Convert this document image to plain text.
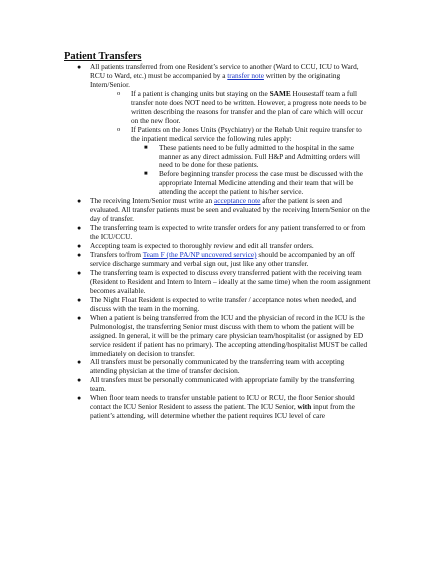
Patient Transfers
● All patients transferred from one Resident’s service to another (Ward to CCU, ICU to Ward, RCU to Ward, etc.) must be accompanied by a transfer note written by the originating Intern/Senior.
o If a patient is changing units but staying on the SAME Housestaff team a full transfer note does NOT need to be written. However, a progress note needs to be written describing the reasons for transfer and the plan of care which will occur on the new floor.
o If Patients on the Jones Units (Psychiatry) or the Rehab Unit require transfer to the inpatient medical service the following rules apply:
■ These patients need to be fully admitted to the hospital in the same manner as any direct admission. Full H&P and Admitting orders will need to be done for these patients.
■ Before beginning transfer process the case must be discussed with the appropriate Internal Medicine attending and their team that will be attending the accept the patient to his/her service.
● The receiving Intern/Senior must write an acceptance note after the patient is seen and evaluated. All transfer patients must be seen and evaluated by the receiving Intern/Senior on the day of transfer.
● The transferring team is expected to write transfer orders for any patient transferred to or from the ICU/CCU.
● Accepting team is expected to thoroughly review and edit all transfer orders.
● Transfers to/from Team F (the PA/NP uncovered service) should be accompanied by an off service discharge summary and verbal sign out, just like any other transfer.
● The transferring team is expected to discuss every transferred patient with the receiving team (Resident to Resident and Intern to Intern – ideally at the same time) when the room assignment becomes available.
● The Night Float Resident is expected to write transfer / acceptance notes when needed, and discuss with the team in the morning.
● When a patient is being transferred from the ICU and the physician of record in the ICU is the Pulmonologist, the transferring Senior must discuss with them to whom the patient will be assigned. In general, it will be the primary care physician team/hospitalist (or assigned by ED service resident if patient has no primary). The accepting attending/hospitalist MUST be called immediately on decision to transfer.
● All transfers must be personally communicated by the transferring team with accepting attending physician at the time of transfer decision.
● All transfers must be personally communicated with appropriate family by the transferring team.
● When floor team needs to transfer unstable patient to ICU or RCU, the floor Senior should contact the ICU Senior Resident to assess the patient. The ICU Senior, with input from the patient’s attending, will determine whether the patient requires ICU level of care
